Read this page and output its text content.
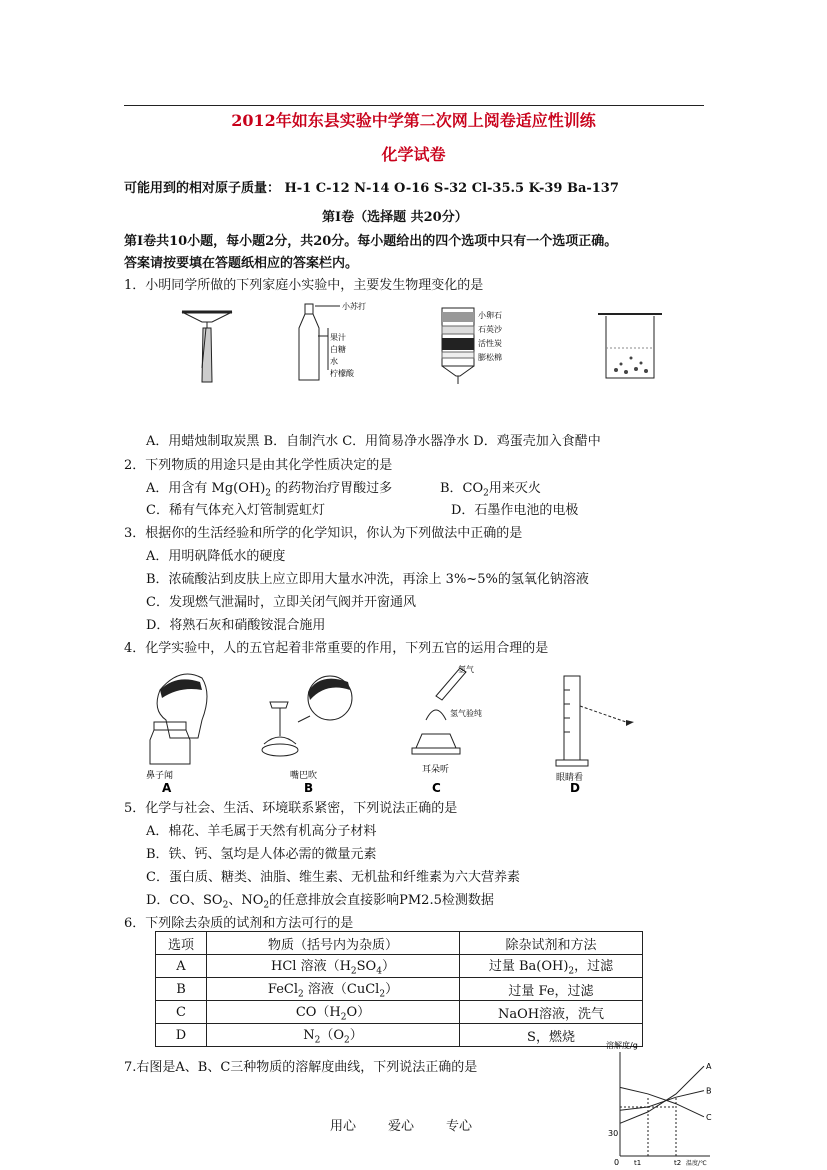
2012年如东县实验中学第二次网上阅卷适应性训练
化学试卷
可能用到的相对原子质量： H-1 C-12 N-14 O-16 S-32 Cl-35.5 K-39 Ba-137
第Ⅰ卷（选择题 共20分）
第Ⅰ卷共10小题，每小题2分，共20分。每小题给出的四个选项中只有一个选项正确。
答案请按要填在答题纸相应的答案栏内。
1．小明同学所做的下列家庭小实验中，主要发生物理变化的是
小苏打
果汁
白糖
水
柠檬酸
小卵石
石英沙
活性炭
膨松棉
A．用蜡烛制取炭黑 B．自制汽水 C．用简易净水器净水 D．鸡蛋壳加入食醋中
2．下列物质的用途只是由其化学性质决定的是
A．用含有 $Mg(OH)_2$ 的药物治疗胃酸过多	B．$CO_2$用来灭火
C．稀有气体充入灯管制霓虹灯	D．石墨作电池的电极
3．根据你的生活经验和所学的化学知识，你认为下列做法中正确的是
A．用明矾降低水的硬度
B．浓硫酸沾到皮肤上应立即用大量水冲洗，再涂上 3%~5%的氢氧化钠溶液
C．发现燃气泄漏时，立即关闭气阀并开窗通风
D．将熟石灰和硝酸铵混合施用
4．化学实验中，人的五官起着非常重要的作用，下列五官的运用合理的是
鼻子闻
A
嘴巴吹
B
氢气
氢气验纯
耳朵听
C
眼睛看
D
5．化学与社会、生活、环境联系紧密，下列说法正确的是
A．棉花、羊毛属于天然有机高分子材料
B．铁、钙、氢均是人体必需的微量元素
C．蛋白质、糖类、油脂、维生素、无机盐和纤维素为六大营养素
D．CO、$SO_2$、$NO_2$的任意排放会直接影响PM2.5检测数据
6．下列除去杂质的试剂和方法可行的是
选项	物质（括号内为杂质）	除杂试剂和方法
A	HCl 溶液$(H_2SO_4)$	过量 $Ba(OH)_2$，过滤
B	FeCl$_2$ 溶液（CuCl$_2$）	过量 Fe，过滤
C	$CO(H_2O)$	NaOH溶液，洗气
D	$N_2(O_2)$	S，燃烧
7.右图是A、B、C三种物质的溶解度曲线，下列说法正确的是
溶解度/g
30
0 t1	t2 温度/℃
A
B
C
用心 爱心 专心
